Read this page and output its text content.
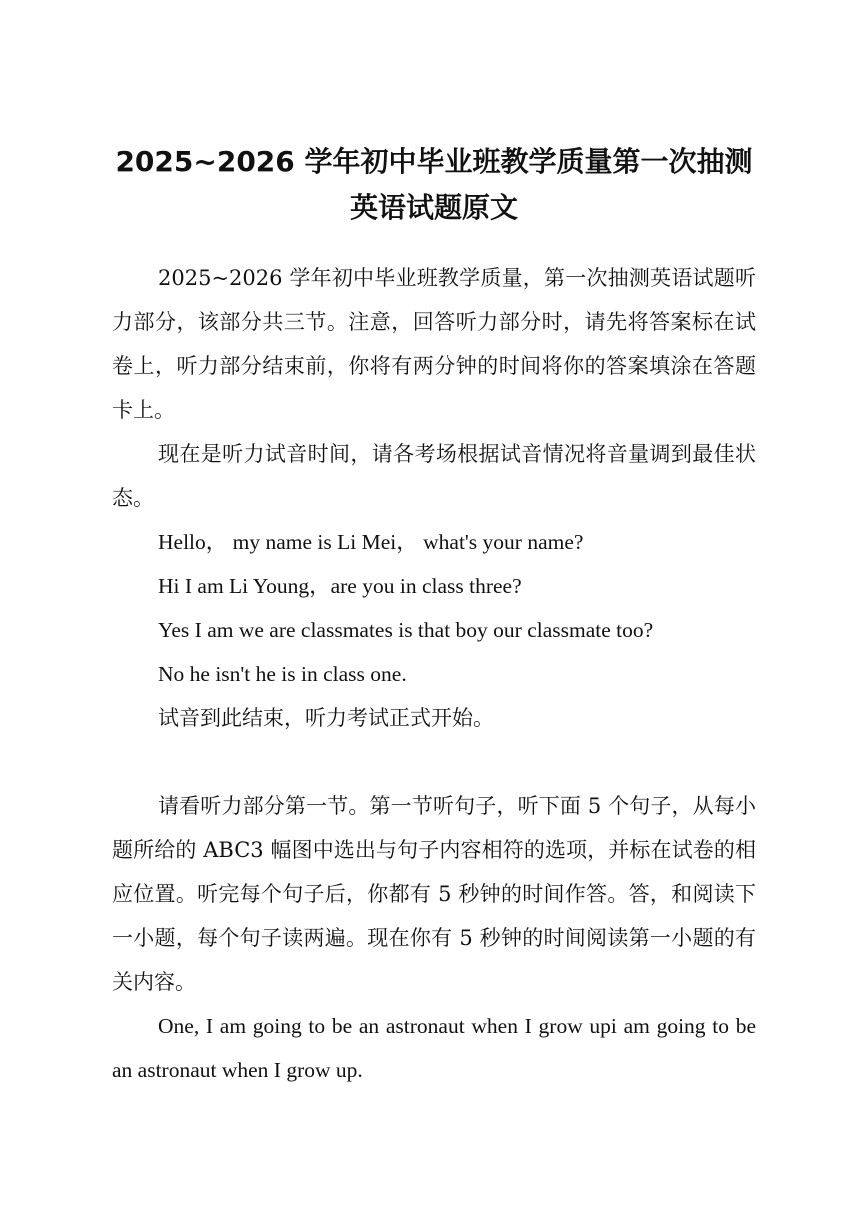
2025~2026 学年初中毕业班教学质量第一次抽测
英语试题原文

2025~2026 学年初中毕业班教学质量，第一次抽测英语试题听力部分，该部分共三节。注意，回答听力部分时，请先将答案标在试卷上，听力部分结束前，你将有两分钟的时间将你的答案填涂在答题卡上。

现在是听力试音时间，请各考场根据试音情况将音量调到最佳状态。

Hello， my name is Li Mei， what's your name?

Hi I am Li Young，are you in class three?

Yes I am we are classmates is that boy our classmate too?

No he isn't he is in class one.

试音到此结束，听力考试正式开始。

请看听力部分第一节。第一节听句子，听下面 5 个句子，从每小题所给的 ABC3 幅图中选出与句子内容相符的选项，并标在试卷的相应位置。听完每个句子后，你都有 5 秒钟的时间作答。答，和阅读下一小题，每个句子读两遍。现在你有 5 秒钟的时间阅读第一小题的有关内容。

One, I am going to be an astronaut when I grow upi am going to be an astronaut when I grow up.
